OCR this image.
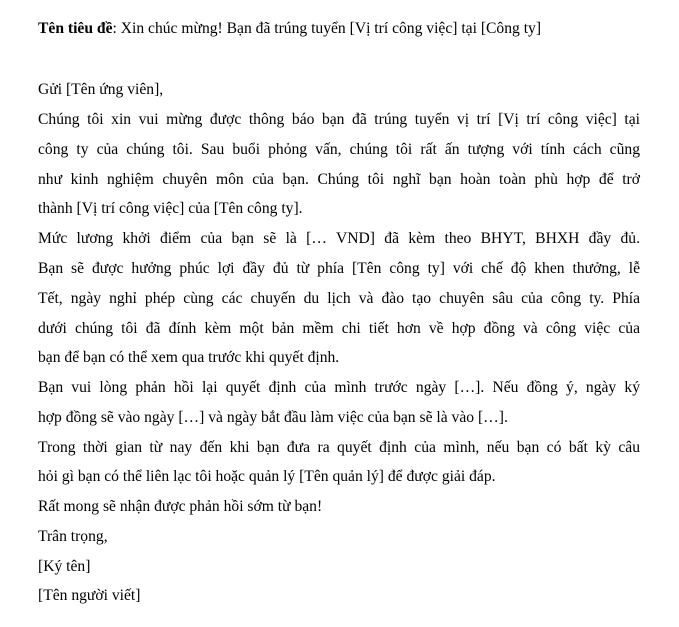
Tên tiêu đề: Xin chúc mừng! Bạn đã trúng tuyển [Vị trí công việc] tại [Công ty]
Gửi [Tên ứng viên],
Chúng tôi xin vui mừng được thông báo bạn đã trúng tuyển vị trí [Vị trí công việc] tại
công ty của chúng tôi. Sau buổi phỏng vấn, chúng tôi rất ấn tượng với tính cách cũng
như kinh nghiệm chuyên môn của bạn. Chúng tôi nghĩ bạn hoàn toàn phù hợp để trở
thành [Vị trí công việc] của [Tên công ty].
Mức lương khởi điểm của bạn sẽ là [… VND] đã kèm theo BHYT, BHXH đầy đủ.
Bạn sẽ được hưởng phúc lợi đầy đủ từ phía [Tên công ty] với chế độ khen thưởng, lễ
Tết, ngày nghỉ phép cùng các chuyến du lịch và đào tạo chuyên sâu của công ty. Phía
dưới chúng tôi đã đính kèm một bản mềm chi tiết hơn về hợp đồng và công việc của
bạn để bạn có thể xem qua trước khi quyết định.
Bạn vui lòng phản hồi lại quyết định của mình trước ngày […]. Nếu đồng ý, ngày ký
hợp đồng sẽ vào ngày […] và ngày bắt đầu làm việc của bạn sẽ là vào […].
Trong thời gian từ nay đến khi bạn đưa ra quyết định của mình, nếu bạn có bất kỳ câu
hỏi gì bạn có thể liên lạc tôi hoặc quản lý [Tên quản lý] để được giải đáp.
Rất mong sẽ nhận được phản hồi sớm từ bạn!
Trân trọng,
[Ký tên]
[Tên người viết]
